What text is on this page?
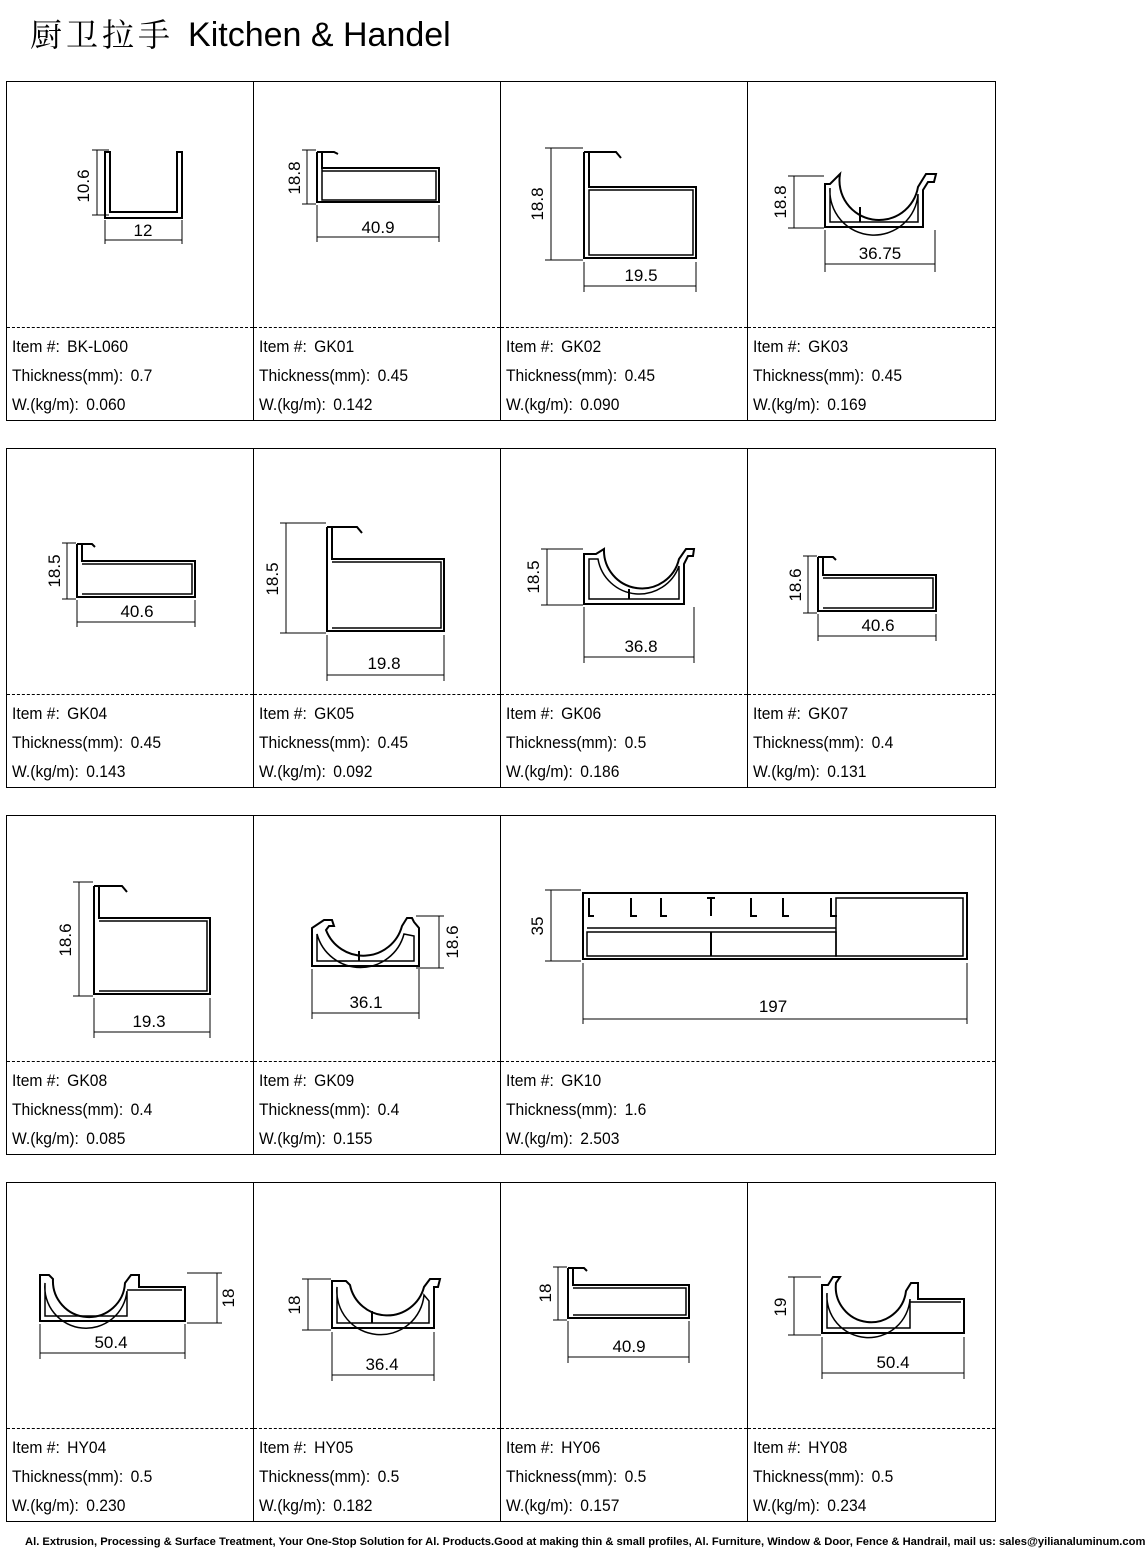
厨卫拉手 Kitchen & Handel
10.6
12
Item #: BK-L060
Thickness(mm): 0.7
W.(kg/m): 0.060
18.8
40.9
Item #: GK01
Thickness(mm): 0.45
W.(kg/m): 0.142
18.8
19.5
Item #: GK02
Thickness(mm): 0.45
W.(kg/m): 0.090
18.8
36.75
Item #: GK03
Thickness(mm): 0.45
W.(kg/m): 0.169
18.5
40.6
Item #: GK04
Thickness(mm): 0.45
W.(kg/m): 0.143
18.5
19.8
Item #: GK05
Thickness(mm): 0.45
W.(kg/m): 0.092
18.5
36.8
Item #: GK06
Thickness(mm): 0.5
W.(kg/m): 0.186
18.6
40.6
Item #: GK07
Thickness(mm): 0.4
W.(kg/m): 0.131
18.6
19.3
Item #: GK08
Thickness(mm): 0.4
W.(kg/m): 0.085
18.6
36.1
Item #: GK09
Thickness(mm): 0.4
W.(kg/m): 0.155
35
197
Item #: GK10
Thickness(mm): 1.6
W.(kg/m): 2.503
18
50.4
Item #: HY04
Thickness(mm): 0.5
W.(kg/m): 0.230
18
36.4
Item #: HY05
Thickness(mm): 0.5
W.(kg/m): 0.182
18
40.9
Item #: HY06
Thickness(mm): 0.5
W.(kg/m): 0.157
19
50.4
Item #: HY08
Thickness(mm): 0.5
W.(kg/m): 0.234
Al. Extrusion, Processing & Surface Treatment, Your One-Stop Solution for Al. Products.Good at making thin & small profiles, Al. Furniture, Window & Door, Fence & Handrail, mail us: sales@yilianaluminum.com
